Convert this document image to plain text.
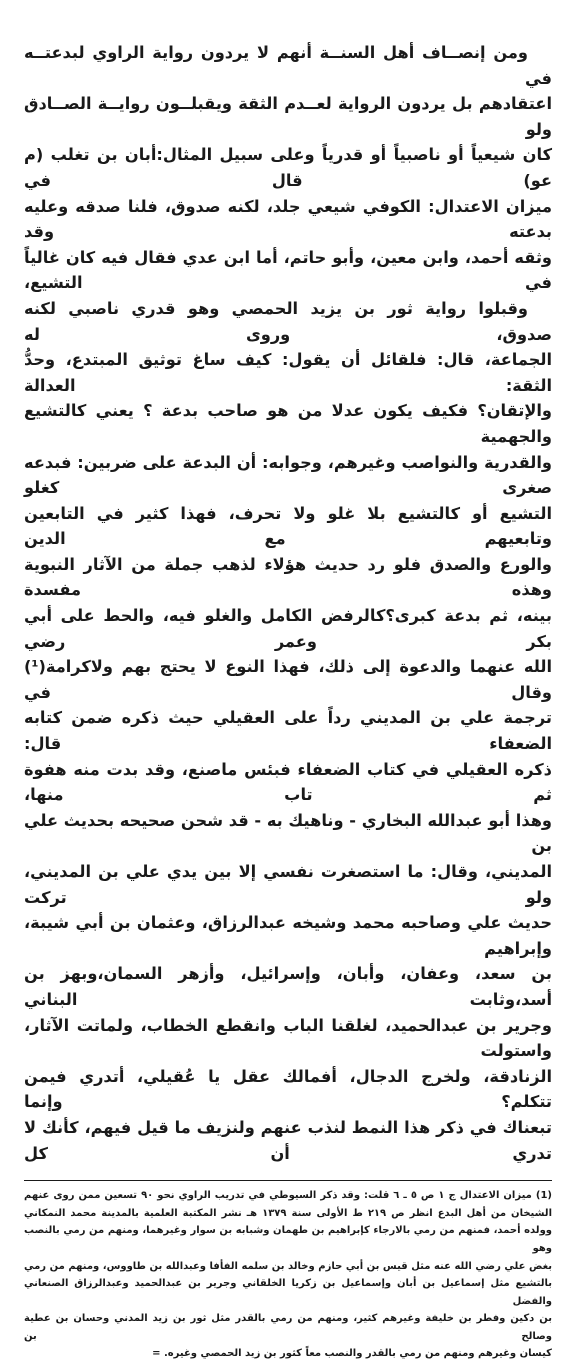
ومن إنصــاف أهل السنــة أنهم لا يردون رواية الراوي لبدعتــه في

اعتقادهم بل يردون الرواية لعــدم الثقة ويقبلــون روايــة الصــادق ولو

كان شيعياً أو ناصبياً أو قدرياً وعلى سبيل المثال:أبان بن تغلب (م عو) قال في

ميزان الاعتدال: الكوفي شيعي جلد، لكنه صدوق، فلنا صدقه وعليه بدعته وقد

وثقه أحمد، وابن معين، وأبو حاتم، أما ابن عدي فقال فيه كان غالياً في التشيع،

وقبلوا رواية ثور بن يزيد الحمصي وهو قدري ناصبي لكنه صدوق، وروى له

الجماعة، قال: فلقائل أن يقول: كيف ساغ توثيق المبتدع، وحدُّ الثقة: العدالة

والإتقان؟ فكيف يكون عدلا من هو صاحب بدعة ؟ يعني كالتشيع والجهمية

والقدرية والنواصب وغيرهم، وجوابه: أن البدعة على ضربين: فبدعه صغرى كغلو

التشيع أو كالتشيع بلا غلو ولا تحرف، فهذا كثير في التابعين وتابعيهم مع الدين

والورع والصدق فلو رد حديث هؤلاء لذهب جملة من الآثار النبوية وهذه مفسدة

بينه، ثم بدعة كبرى؟كالرفض الكامل والغلو فيه، والحط على أبي بكر وعمر رضي

الله عنهما والدعوة إلى ذلك، فهذا النوع لا يحتج بهم ولاكرامة(¹) وقال في

ترجمة علي بن المديني رداً على العقيلي حيث ذكره ضمن كتابه الضعفاء قال:

ذكره العقيلي في كتاب الضعفاء فبئس ماصنع، وقد بدت منه هفوة ثم تاب منها،

وهذا أبو عبدالله البخاري - وناهيك به - قد شحن صحيحه بحديث علي بن

المديني، وقال: ما استصغرت نفسي إلا بين يدي علي بن المديني، ولو تركت

حديث علي وصاحبه محمد وشيخه عبدالرزاق، وعثمان بن أبي شيبة، وإبراهيم

بن سعد، وعفان، وأبان، وإسرائيل، وأزهر السمان،وبهز بن أسد،وثابت البناني

وجرير بن عبدالحميد، لغلقنا الباب وانقطع الخطاب، ولماتت الآثار، واستولت

الزنادقة، ولخرج الدجال، أفمالك عقل يا عُقيلي، أتدري فيمن تتكلم؟ وإنما

تبعناك في ذكر هذا النمط لنذب عنهم ولنزيف ما قيل فيهم، كأنك لا تدري أن كل

(1) ميزان الاعتدال ج ١ ص ٥ ـ ٦ قلت: وقد ذكر السيوطي في تدريب الراوي نحو ٩٠ تسعين ممن روى عنهم

الشيخان من أهل البدع انظر ص ٢١٩ ط الأولى سنة ١٣٧٩ هـ نشر المكتبة العلمية بالمدينة محمد النمكاني

وولده أحمد، فمنهم من رمي بالارجاء كإبراهيم بن طهمان وشبابه بن سوار وغيرهما، ومنهم من رمي بالنصب وهو

بغض علي رضي الله عنه مثل قيس بن أبي حازم وخالد بن سلمه الفأفا وعبدالله بن طاووس، ومنهم من رمي

بالتشيع مثل إسماعيل بن أبان وإسماعيل بن زكريا الخلقاني وجرير بن عبدالحميد وعبدالرزاق الصنعاني والفضل

بن دكين وفطر بن خليفة وغيرهم كثير، ومنهم من رمي بالقدر مثل ثور بن زيد المدني وحسان بن عطية وصالح بن

كيسان وغيرهم ومنهم من رمي بالقدر والنصب معاً كثور بن زيد الحمصي وغيره. =
